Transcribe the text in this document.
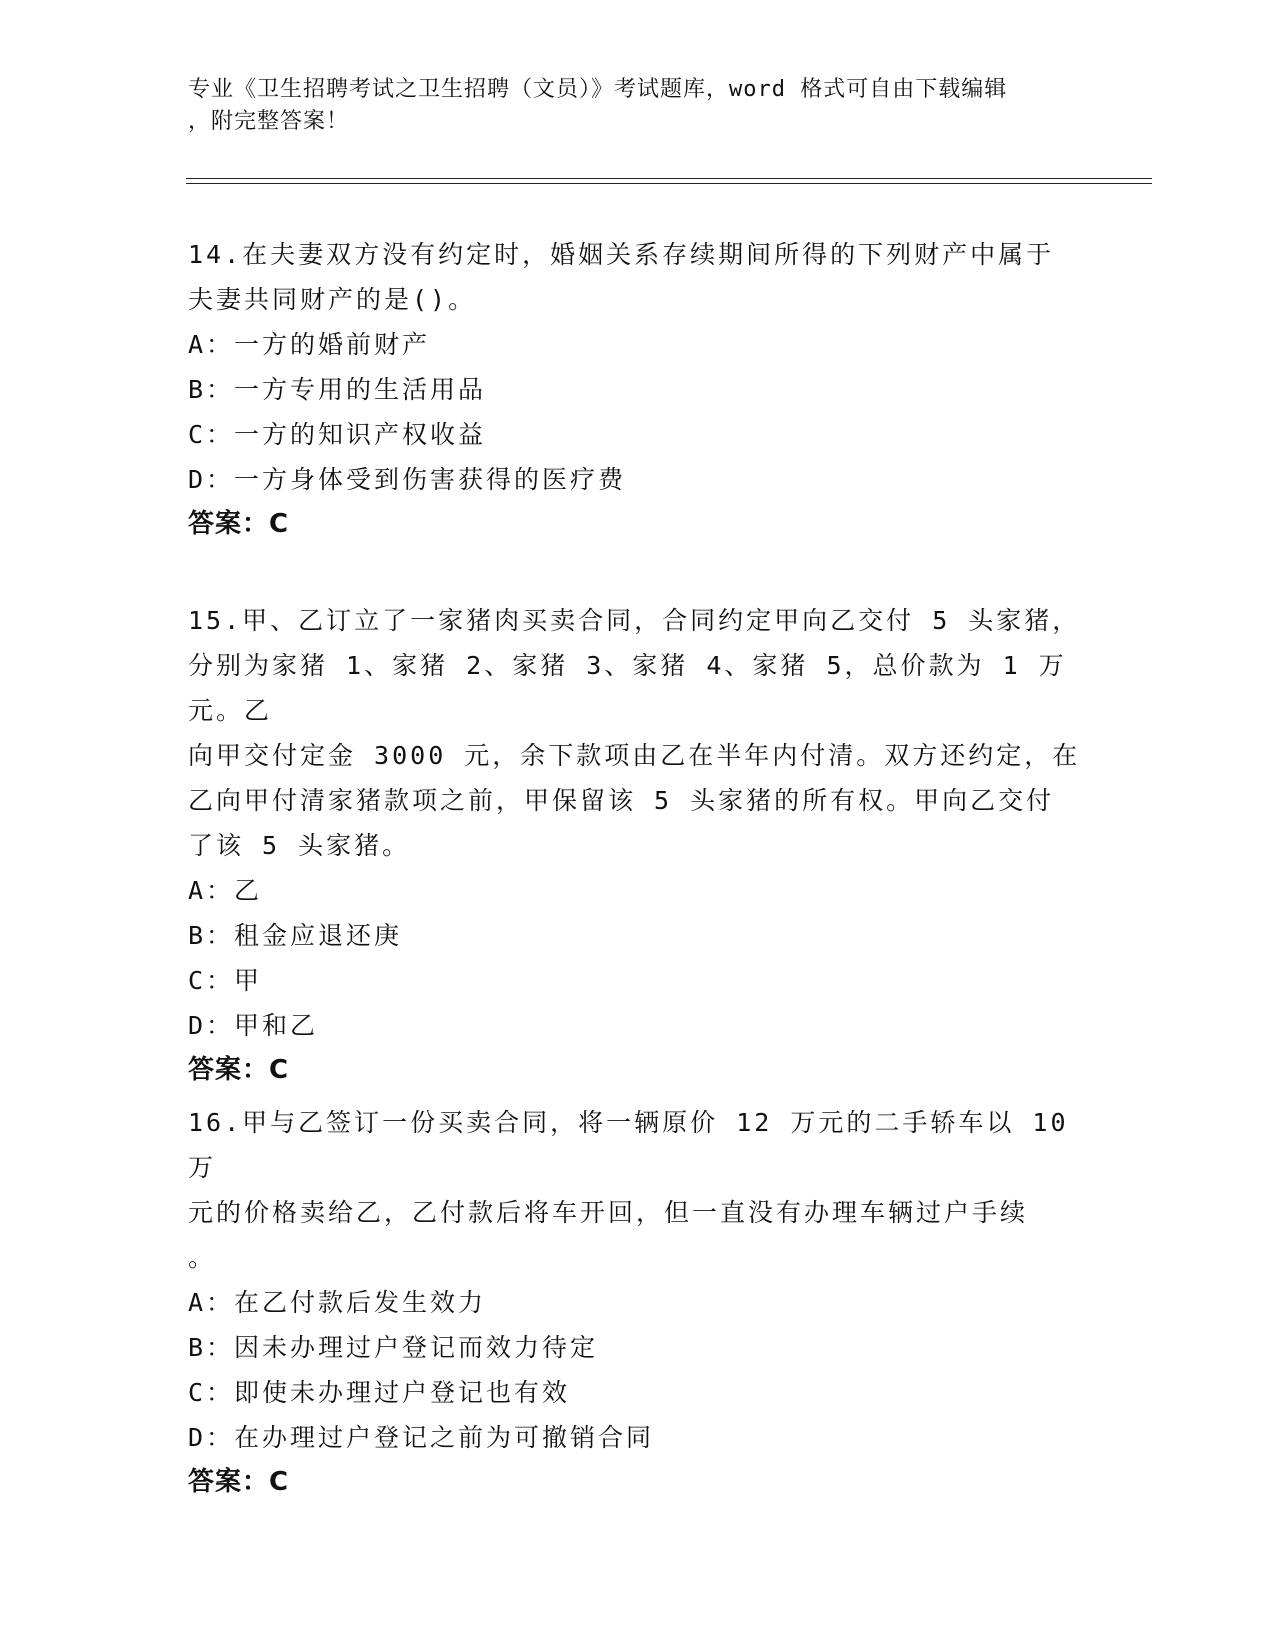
专业《卫生招聘考试之卫生招聘（文员）》考试题库，word 格式可自由下载编辑
，附完整答案！

14.在夫妻双方没有约定时，婚姻关系存续期间所得的下列财产中属于

夫妻共同财产的是()。

A：一方的婚前财产

B：一方专用的生活用品

C：一方的知识产权收益

D：一方身体受到伤害获得的医疗费

答案：C

15.甲、乙订立了一家猪肉买卖合同，合同约定甲向乙交付 5 头家猪，

分别为家猪 1、家猪 2、家猪 3、家猪 4、家猪 5，总价款为 1 万元。乙

向甲交付定金 3000 元，余下款项由乙在半年内付清。双方还约定，在

乙向甲付清家猪款项之前，甲保留该 5 头家猪的所有权。甲向乙交付

了该 5 头家猪。

A：乙

B：租金应退还庚

C：甲

D：甲和乙

答案：C

16.甲与乙签订一份买卖合同，将一辆原价 12 万元的二手轿车以 10 万

元的价格卖给乙，乙付款后将车开回，但一直没有办理车辆过户手续

。

A：在乙付款后发生效力

B：因未办理过户登记而效力待定

C：即使未办理过户登记也有效

D：在办理过户登记之前为可撤销合同

答案：C
